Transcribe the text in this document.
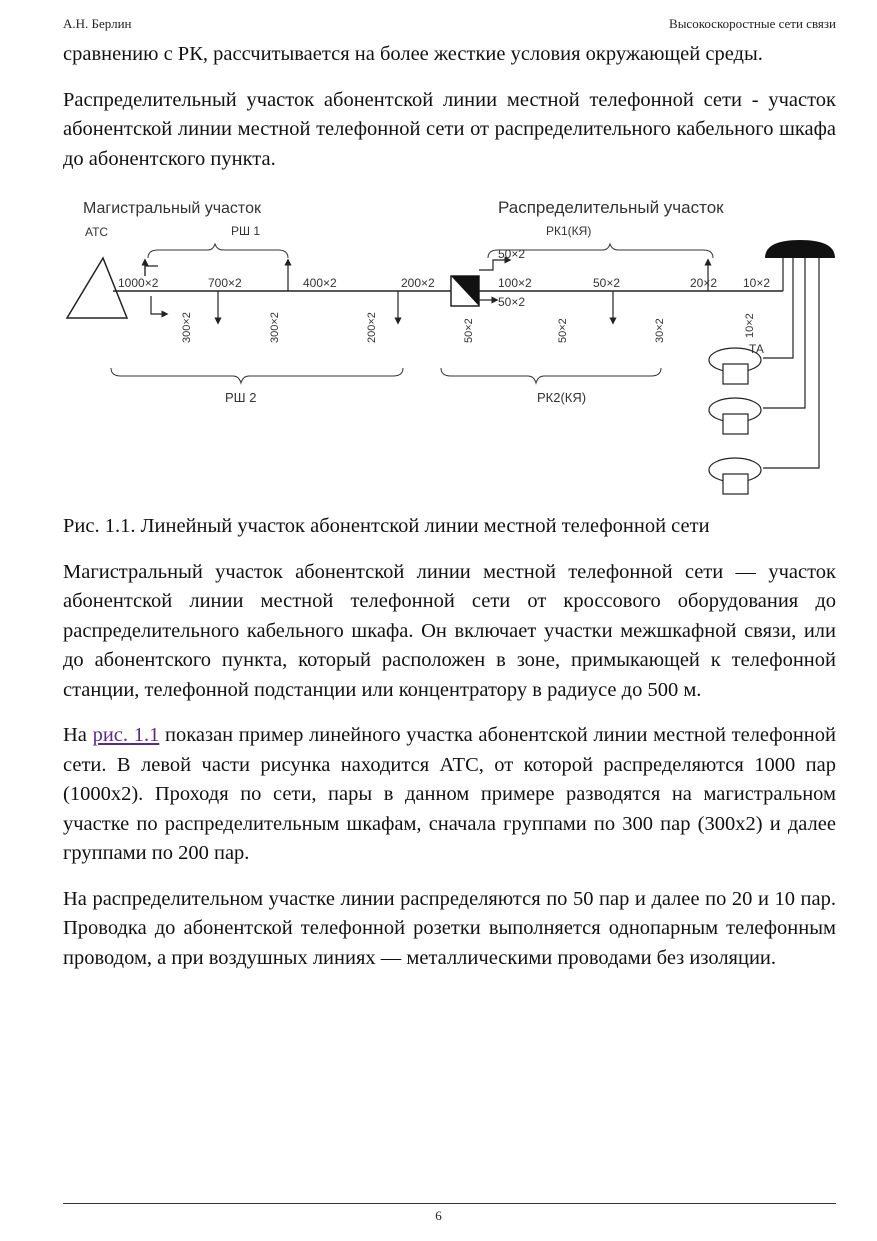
А.Н. Берлин	Высокоскоростные сети связи

сравнению с РК, рассчитывается на более жесткие условия окружающей среды.

Распределительный участок абонентской линии местной телефонной сети - участок абонентской линии местной телефонной сети от распределительного кабельного шкафа до абонентского пункта.

Магистральный участок	Распределительный участок
АТС	РШ 1	РК1(КЯ)
1000×2	700×2	400×2	200×2	100×2	50×2	20×2 10×2
50×2
50×2
300×2	300×2	200×2	50×2	50×2	30×2	10×2
ТА
РШ 2	РК2(КЯ)

Рис. 1.1. Линейный участок абонентской линии местной телефонной сети

Магистральный участок абонентской линии местной телефонной сети — участок абонентской линии местной телефонной сети от кроссового оборудования до распределительного кабельного шкафа. Он включает участки межшкафной связи, или до абонентского пункта, который расположен в зоне, примыкающей к телефонной станции, телефонной подстанции или концентратору в радиусе до 500 м.

На рис. 1.1 показан пример линейного участка абонентской линии местной телефонной сети. В левой части рисунка находится АТС, от которой распределяются 1000 пар (1000х2). Проходя по сети, пары в данном примере разводятся на магистральном участке по распределительным шкафам, сначала группами по 300 пар (300х2) и далее группами по 200 пар.

На распределительном участке линии распределяются по 50 пар и далее по 20 и 10 пар. Проводка до абонентской телефонной розетки выполняется однопарным телефонным проводом, а при воздушных линиях — металлическими проводами без изоляции.

6
